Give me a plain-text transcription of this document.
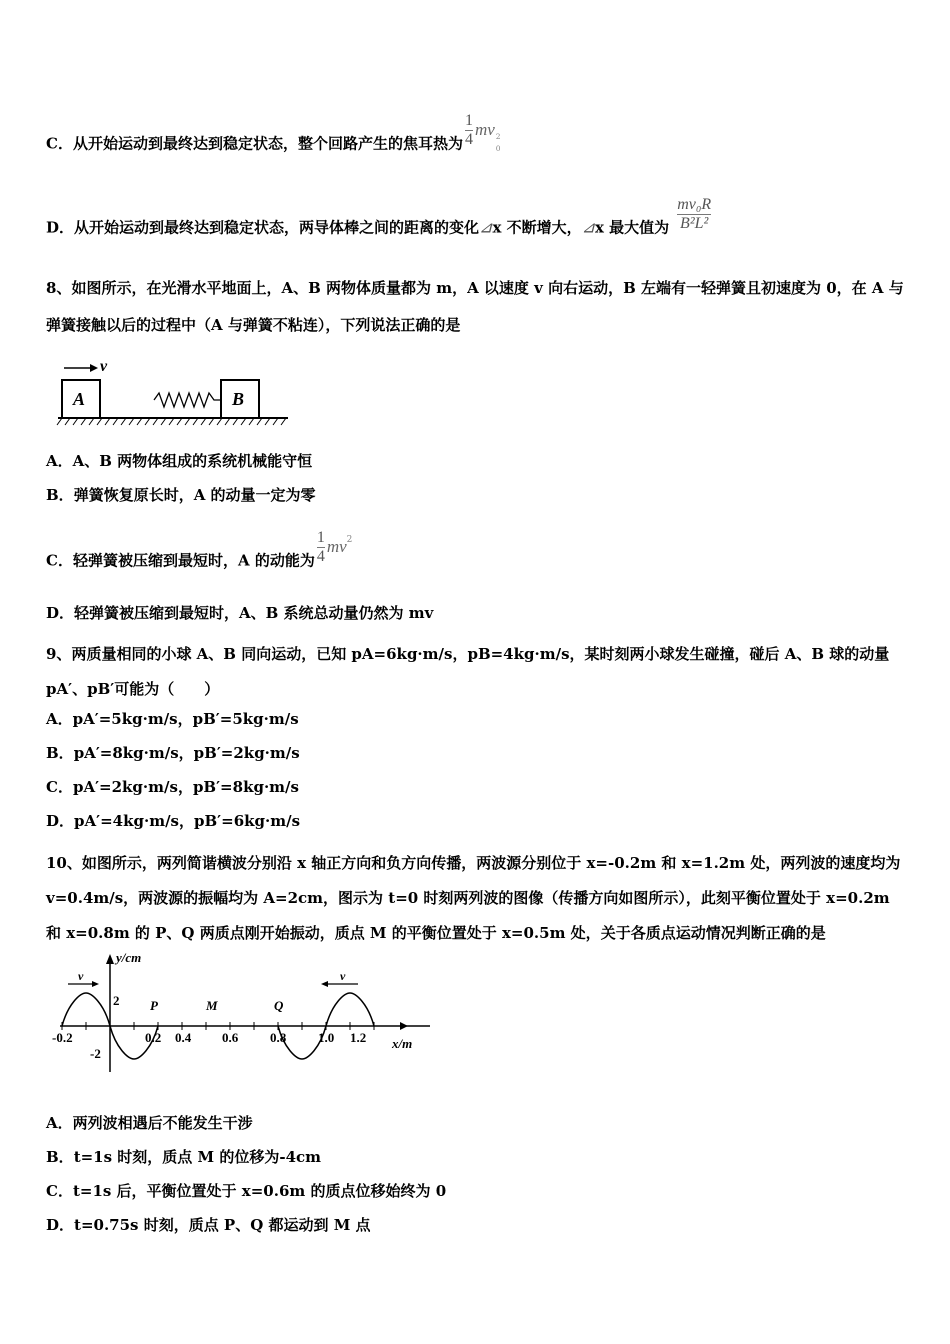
C．从开始运动到最终达到稳定状态，整个回路产生的焦耳热为 $\frac{1}{4}$ mv 2
0
D．从开始运动到最终达到稳定状态，两导体棒之间的距离的变化⊿x 不断增大，⊿x 最大值为 $\frac{\text{mv₀R}}{\text{B²L²}}$
8、如图所示，在光滑水平地面上，A、B 两物体质量都为 m，A 以速度 v 向右运动，B 左端有一轻弹簧且初速度为 0，在 A 与弹簧接触以后的过程中（A 与弹簧不粘连），下列说法正确的是
v
A	B
A．A、B 两物体组成的系统机械能守恒
B．弹簧恢复原长时，A 的动量一定为零
C．轻弹簧被压缩到最短时，A 的动能为 $\frac{1}{4} mv^2$
D．轻弹簧被压缩到最短时，A、B 系统总动量仍然为 mv
9、两质量相同的小球 A、B 同向运动，已知 pA=6kg·m/s，pB=4kg·m/s，某时刻两小球发生碰撞，碰后 A、B 球的动量 pA′、pB′可能为（　　）
A．pA′=5kg·m/s，pB′=5kg·m/s
B．pA′=8kg·m/s，pB′=2kg·m/s
C．pA′=2kg·m/s，pB′=8kg·m/s
D．pA′=4kg·m/s，pB′=6kg·m/s
10、如图所示，两列简谐横波分别沿 x 轴正方向和负方向传播，两波源分别位于 x=-0.2m 和 x=1.2m 处，两列波的速度均为 v=0.4m/s，两波源的振幅均为 A=2cm，图示为 t=0 时刻两列波的图像（传播方向如图所示），此刻平衡位置处于 x=0.2m 和 x=0.8m 的 P、Q 两质点刚开始振动，质点 M 的平衡位置处于 x=0.5m 处，关于各质点运动情况判断正确的是
y/cm
x/m
2
-2
-0.2	0.2 0.4 0.6 0.8 1.0 1.2
v	v
P	M	Q
A．两列波相遇后不能发生干涉
B．t=1s 时刻，质点 M 的位移为-4cm
C．t=1s 后，平衡位置处于 x=0.6m 的质点位移始终为 0
D．t=0.75s 时刻，质点 P、Q 都运动到 M 点
